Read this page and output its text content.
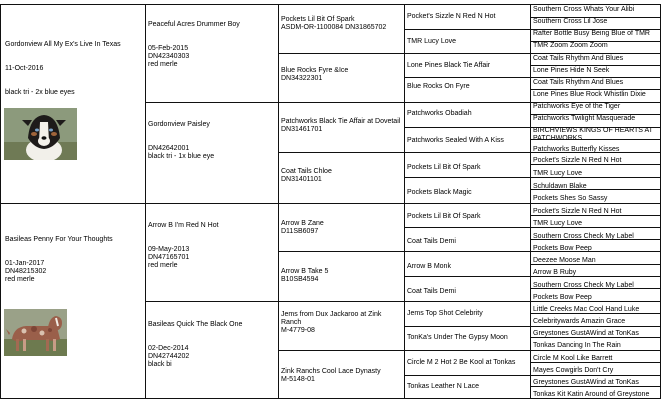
Gordonview All My Ex's Live In Texas

11-Oct-2016

black tri - 2x blue eyes
Peaceful Acres Drummer Boy

05-Feb-2015
DN42340303
red merle
Gordonview Paisley

DN42642001
black tri - 1x blue eye
Pockets Lil Bit Of Spark
ASDM-OR-1100084 DN31865702
Blue Rocks Fyre &Ice
DN34322301
Patchworks Black Tie Affair at Dovetail
DN31461701
Coat Tails Chloe
DN31401101
Pocket's Sizzle N Red N Hot
TMR Lucy Love
Lone Pines Black Tie Affair
Blue Rocks On Fyre
Patchworks Obadiah
Patchworks Sealed With A Kiss
Pockets Lil Bit Of Spark
Pockets Black Magic
Southern Cross Whats Your Alibi
Southern Cross Lil Jose
Rafter Bottle Busy Being Blue of TMR
TMR Zoom Zoom Zoom
Coat Tails Rhythm And Blues
Lone Pines Hide N Seek
Coat Tails Rhythm And Blues
Lone Pines Blue Rock Whistlin Dixie
Patchworks Eye of the Tiger
Patchworks Twilight Masquerade
BIRCHVIEWS KINGS OF HEARTS AT
PATCHWORKS
Patchworks Butterfly Kisses
Pocket's Sizzle N Red N Hot
TMR Lucy Love
Schuldawn Blake
Pockets Shes So Sassy
Basileas Penny For Your Thoughts

01-Jan-2017
DN48215302
red merle
Arrow B I'm Red N Hot

09-May-2013
DN47165701
red merle
Basileas Quick The Black One

02-Dec-2014
DN42744202
black bi
Arrow B Zane
D11SB6097
Arrow B Take 5
B10SB4594
Jems from Dux Jackaroo at Zink
Ranch
M-4779-08
Zink Ranchs Cool Lace Dynasty
M-5148-01
Pockets Lil Bit Of Spark
Coat Tails Demi
Arrow B Monk
Coat Tails Demi
Jems Top Shot Celebrity
TonKa's Under The Gypsy Moon
Circle M 2 Hot 2 Be Kool at Tonkas
Tonkas Leather N Lace
Pocket's Sizzle N Red N Hot
TMR Lucy Love
Southern Cross Check My Label
Pockets Bow Peep
Deezee Moose Man
Arrow B Ruby
Southern Cross Check My Label
Pockets Bow Peep
Little Creeks Mac Cool Hand Luke
Celebritywards Amazin Grace
Greystones GustAWind at TonKas
Tonkas Dancing In The Rain
Circle M Kool Like Barrett
Mayes Cowgirls Don't Cry
Greystones GustAWind at TonKas
Tonkas Kit Katin Around of Greystone
